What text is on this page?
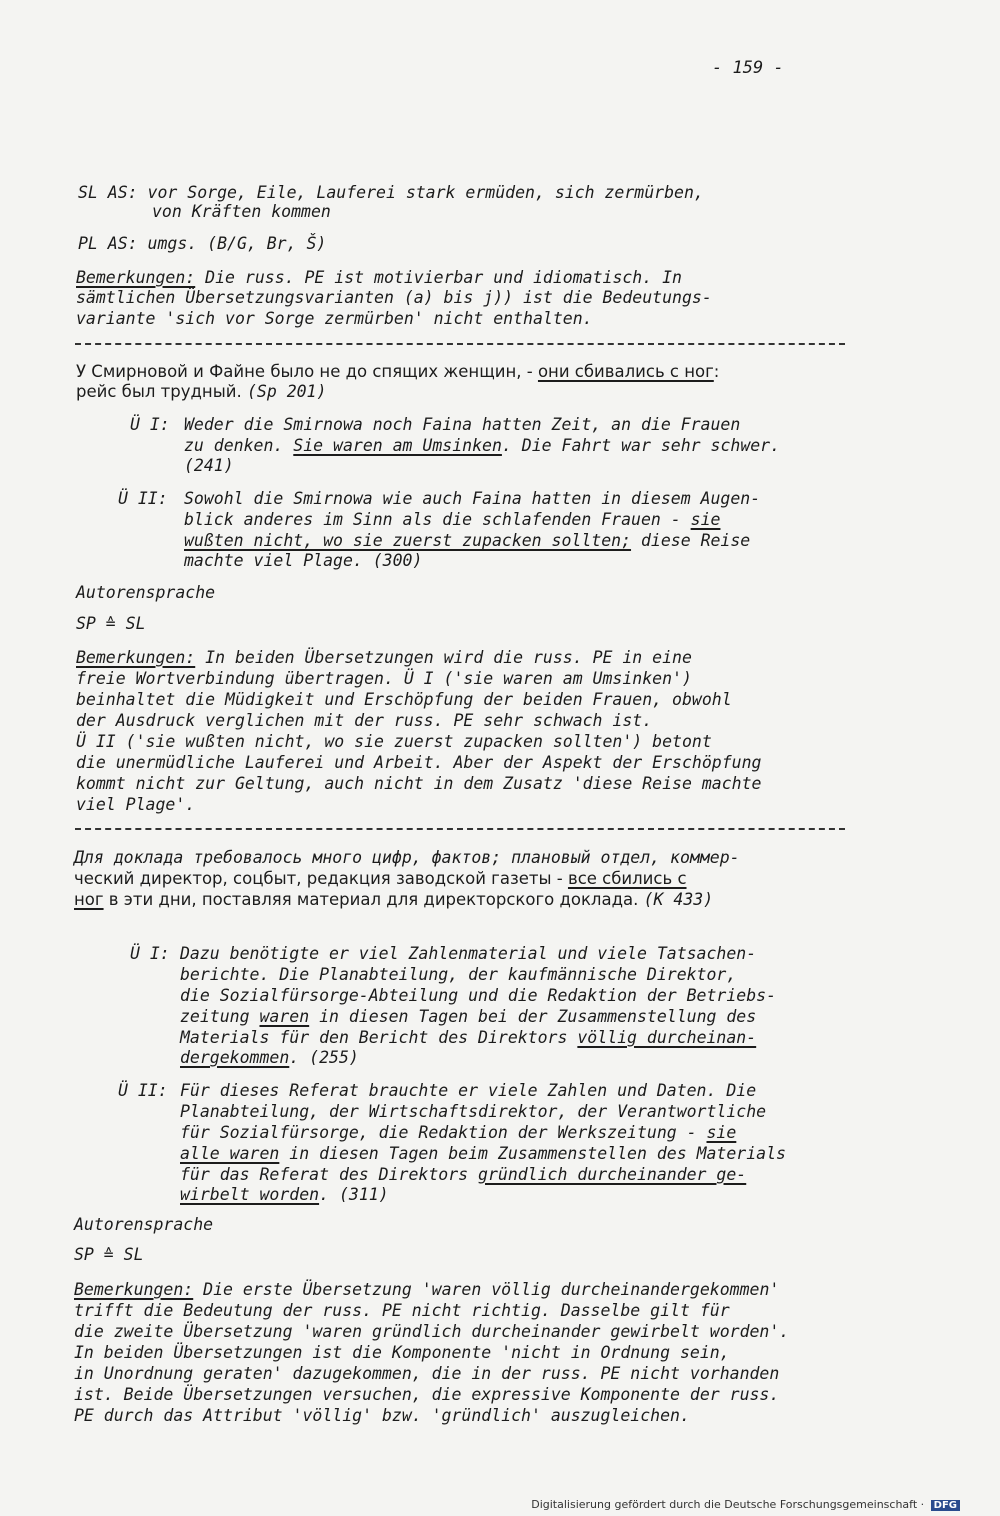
- 159 -
SL AS: vor Sorge, Eile, Lauferei stark ermüden, sich zermürben,
von Kräften kommen
PL AS: umgs. (B/G, Br, Š)
Bemerkungen: Die russ. PE ist motivierbar und idiomatisch. In
sämtlichen Übersetzungsvarianten (a) bis j)) ist die Bedeutungs-
variante 'sich vor Sorge zermürben' nicht enthalten.
У Смирновой и Файне было не до спящих женщин, - они сбивались с ног:
рейс был трудный. (Sp 201)
Ü I: Weder die Smirnowa noch Faina hatten Zeit, an die Frauen
zu denken. Sie waren am Umsinken. Die Fahrt war sehr schwer.
(241)
Ü II: Sowohl die Smirnowa wie auch Faina hatten in diesem Augen-
blick anderes im Sinn als die schlafenden Frauen - sie
wußten nicht, wo sie zuerst zupacken sollten; diese Reise
machte viel Plage. (300)
Autorensprache
SP ≙ SL
Bemerkungen: In beiden Übersetzungen wird die russ. PE in eine
freie Wortverbindung übertragen. Ü I ('sie waren am Umsinken')
beinhaltet die Müdigkeit und Erschöpfung der beiden Frauen, obwohl
der Ausdruck verglichen mit der russ. PE sehr schwach ist.
Ü II ('sie wußten nicht, wo sie zuerst zupacken sollten') betont
die unermüdliche Lauferei und Arbeit. Aber der Aspekt der Erschöpfung
kommt nicht zur Geltung, auch nicht in dem Zusatz 'diese Reise machte
viel Plage'.
Для доклада требовалось много цифр, фактов; плановый отдел, коммер-
ческий директор, соцбыт, редакция заводской газеты - все сбились с
ног в эти дни, поставляя материал для директорского доклада. (K 433)
Ü I: Dazu benötigte er viel Zahlenmaterial und viele Tatsachen-
berichte. Die Planabteilung, der kaufmännische Direktor,
die Sozialfürsorge-Abteilung und die Redaktion der Betriebs-
zeitung waren in diesen Tagen bei der Zusammenstellung des
Materials für den Bericht des Direktors völlig durcheinan-
dergekommen. (255)
Ü II: Für dieses Referat brauchte er viele Zahlen und Daten. Die
Planabteilung, der Wirtschaftsdirektor, der Verantwortliche
für Sozialfürsorge, die Redaktion der Werkszeitung - sie
alle waren in diesen Tagen beim Zusammenstellen des Materials
für das Referat des Direktors gründlich durcheinander ge-
wirbelt worden. (311)
Autorensprache
SP ≙ SL
Bemerkungen: Die erste Übersetzung 'waren völlig durcheinandergekommen'
trifft die Bedeutung der russ. PE nicht richtig. Dasselbe gilt für
die zweite Übersetzung 'waren gründlich durcheinander gewirbelt worden'.
In beiden Übersetzungen ist die Komponente 'nicht in Ordnung sein,
in Unordnung geraten' dazugekommen, die in der russ. PE nicht vorhanden
ist. Beide Übersetzungen versuchen, die expressive Komponente der russ.
PE durch das Attribut 'völlig' bzw. 'gründlich' auszugleichen.
Digitalisierung gefördert durch die Deutsche Forschungsgemeinschaft · DFG
